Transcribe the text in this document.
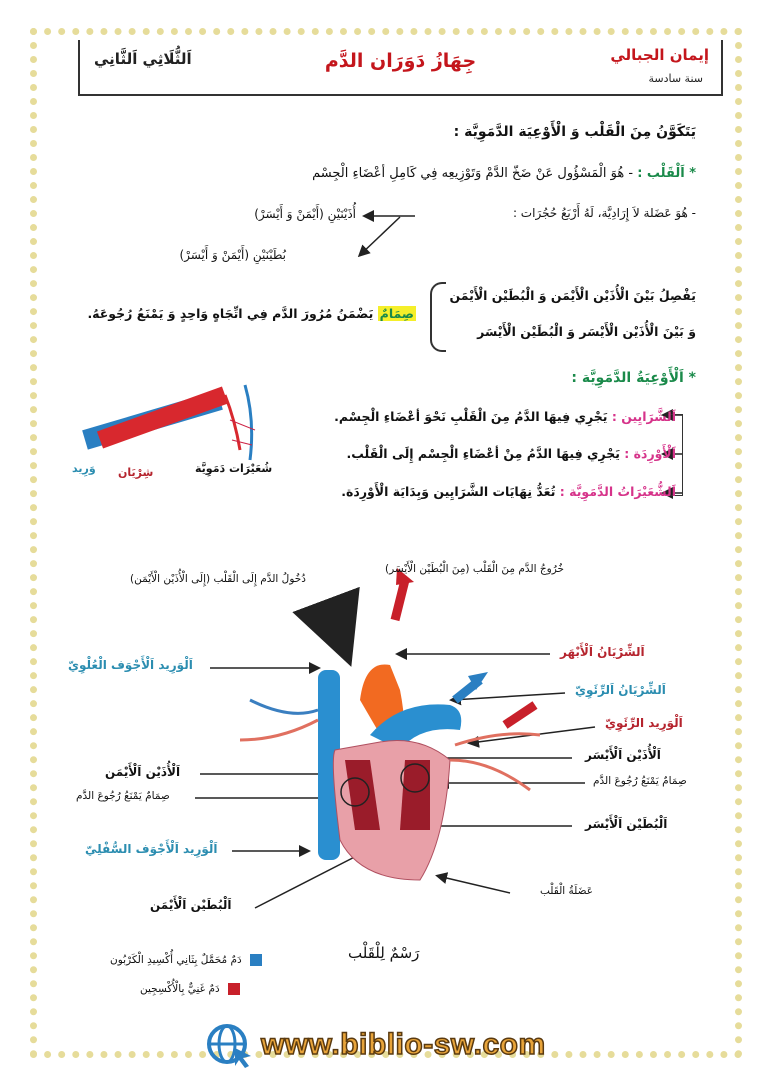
إيمان الجبالي
سنة سادسة
جِهَازُ دَوَرَان الدَّم
اَلثُّلَاثِي اَلثَّانِي
يَتَكَوَّنُ مِنَ الْقَلْب وَ الْأَوْعِيَة الدَّمَوِيَّة :
* اَلْقَلْب : - هُوَ الْمَسْؤُول عَنْ ضَخّ الدَّمْ وَتَوْزِيعِه فِي كَامِلِ أعْضَاءِ الْجِسْم
- هُوَ عَضَلة لاَ إِرَادِيَّة، لَهُ أَرْبَعُ حُجُرَات :
أُذَيْنَيْنِ (أَيْمَنْ وَ أَيْسَرْ)
بُطَيْنَيْنِ (أَيْمَنْ وَ أَيْسَرْ)
يَفْصِلُ بَيْنَ الْأُذَيْن الْأَيْمَن وَ الْبُطَيْن الْأَيْمَن
وَ بَيْنَ الْأُذَيْن الْأَيْسَر وَ الْبُطَيْن الْأَيْسَر
صِمَامٌ يَضْمَنُ مُرُورَ الدَّم فِي اتِّجَاهٍ وَاحِدٍ وَ يَمْنَعُ رُجُوعَهُ.
* اَلْأَوْعِيَةُ الدَّمَوِيَّة :
اَلشَّرَايِين : يَجْرِي فِيهَا الدَّمُ مِنَ الْقَلْبِ نَحْوَ أعْضَاءِ الْجِسْم.
اَلْأَوْرِدَة : يَجْرِي فِيهَا الدَّمُ مِنْ أعْضَاءِ الْجِسْم إِلَى الْقَلْب.
اَلشُّعَيْرَاتُ الدَّمَوِيَّة : تُعَدُّ نِهَايَات الشَّرَايِين وَبِدَايَة الْأَوْرِدَة.
وَرِيد شِرْيَان	شُعَيْرَات دَمَوِيَّة
دُخُولُ الدَّم إِلَى الْقَلْب (إِلَى الْأُذَيْن الْأَيْمَن)
خُرُوجُ الدَّم مِنَ الْقَلْب (مِنَ الْبُطَيْن الْأَيْسَر)
اَلْوَرِيد اَلْأَجْوَف الْعُلْوِيّ
اَلْأُذَيْن اَلْأَيْمَن
صِمَامٌ يَمْنَعُ رُجُوعَ الدَّم
اَلْوَرِيد اَلْأَجْوَف السُّفْلِيّ
اَلْبُطَيْن اَلْأَيْمَن
اَلشِّرْيَانُ اَلْأَبْهَر
اَلشِّرْيَانُ اَلرِّئَوِيّ
اَلْوَرِيد الرِّئَوِيّ
اَلْأُذَيْن اَلْأَيْسَر
صِمَامٌ يَمْنَعُ رُجُوعَ الدَّم
اَلْبُطَيْن اَلْأَيْسَر
عَضَلَةُ الْقَلْب
رَسْمٌ لِلْقَلْب
دَمٌ مُحَمَّلٌ بِثَانِي أُكْسِيدِ الْكَرْبُون
دَمٌ غَنِيٌّ بِالْأُكْسِجِين
www.biblio-sw.com
